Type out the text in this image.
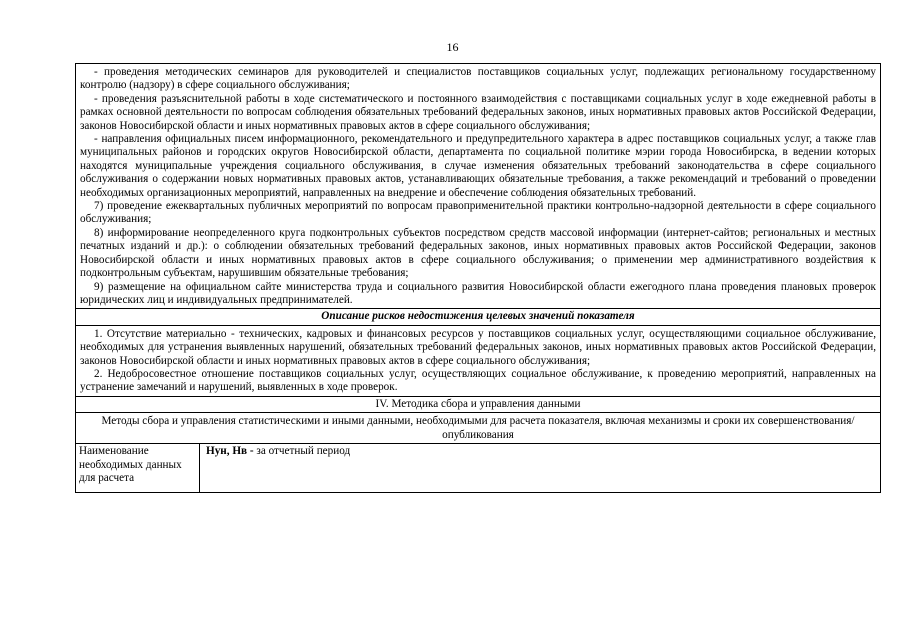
16

- проведения методических семинаров для руководителей и специалистов поставщиков социальных услуг, подлежащих региональному государственному контролю (надзору) в сфере социального обслуживания;

- проведения разъяснительной работы в ходе систематического и постоянного взаимодействия с поставщиками социальных услуг в ходе ежедневной работы в рамках основной деятельности по вопросам соблюдения обязательных требований федеральных законов, иных нормативных правовых актов Российской Федерации, законов Новосибирской области и иных нормативных правовых актов в сфере социального обслуживания;

- направления официальных писем информационного, рекомендательного и предупредительного характера в адрес поставщиков социальных услуг, а также глав муниципальных районов и городских округов Новосибирской области, департамента по социальной политике мэрии города Новосибирска, в ведении которых находятся муниципальные учреждения социального обслуживания, в случае изменения обязательных требований законодательства в сфере социального обслуживания о содержании новых нормативных правовых актов, устанавливающих обязательные требования, а также рекомендаций и требований о проведении необходимых организационных мероприятий, направленных на внедрение и обеспечение соблюдения обязательных требований.

7) проведение ежеквартальных публичных мероприятий по вопросам правоприменительной практики контрольно-надзорной деятельности в сфере социального обслуживания;

8) информирование неопределенного круга подконтрольных субъектов посредством средств массовой информации (интернет-сайтов; региональных и местных печатных изданий и др.): о соблюдении обязательных требований федеральных законов, иных нормативных правовых актов Российской Федерации, законов Новосибирской области и иных нормативных правовых актов в сфере социального обслуживания; о применении мер административного воздействия к подконтрольным субъектам, нарушившим обязательные требования;

9) размещение на официальном сайте министерства труда и социального развития Новосибирской области ежегодного плана проведения плановых проверок юридических лиц и индивидуальных предпринимателей.

Описание рисков недостижения целевых значений показателя

1. Отсутствие материально - технических, кадровых и финансовых ресурсов у поставщиков социальных услуг, осуществляющими социальное обслуживание, необходимых для устранения выявленных нарушений, обязательных требований федеральных законов, иных нормативных правовых актов Российской Федерации, законов Новосибирской области и иных нормативных правовых актов в сфере социального обслуживания;

2. Недобросовестное отношение поставщиков социальных услуг, осуществляющих социальное обслуживание, к проведению мероприятий, направленных на устранение замечаний и нарушений, выявленных в ходе проверок.

IV. Методика сбора и управления данными
Методы сбора и управления статистическими и иными данными, необходимыми для расчета показателя, включая механизмы и сроки их совершенствования/опубликования
Наименование необходимых данных для расчета
Нун, Нв - за отчетный период
